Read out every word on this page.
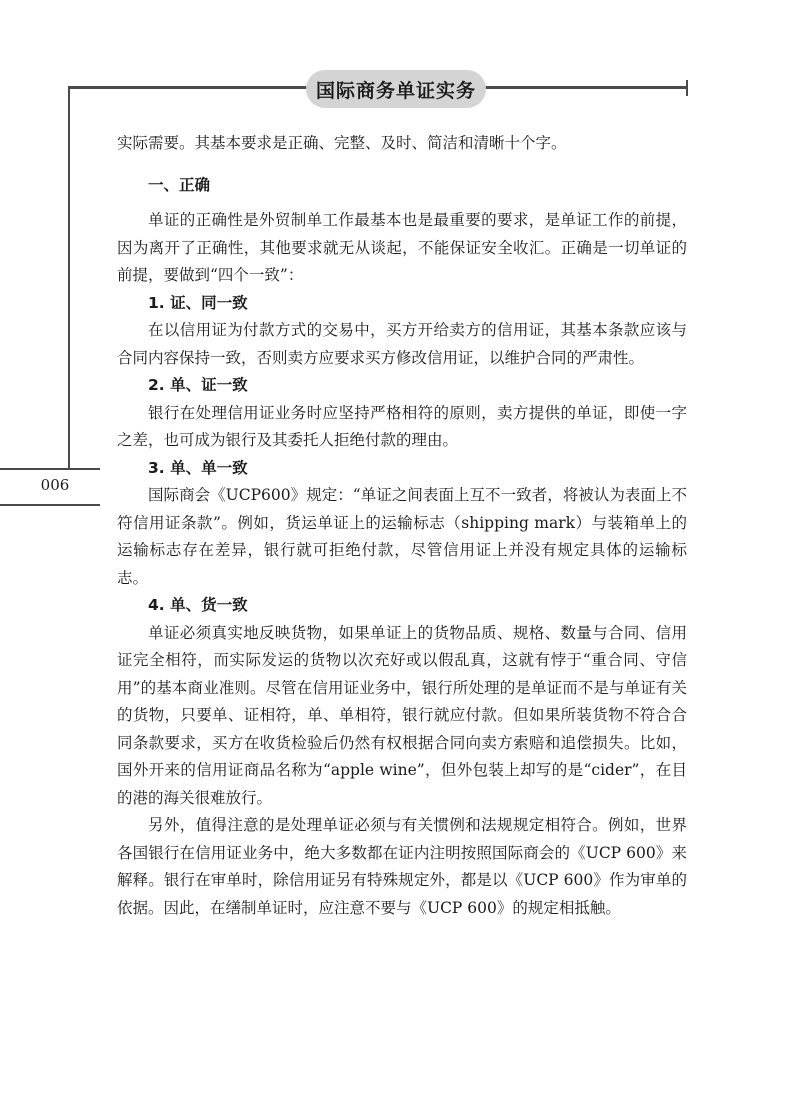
国际商务单证实务
006

实际需要。其基本要求是正确、完整、及时、简洁和清晰十个字。

一、正确

单证的正确性是外贸制单工作最基本也是最重要的要求，是单证工作的前提，因为离开了正确性，其他要求就无从谈起，不能保证安全收汇。正确是一切单证的前提，要做到“四个一致”：

1. 证、同一致

在以信用证为付款方式的交易中，买方开给卖方的信用证，其基本条款应该与合同内容保持一致，否则卖方应要求买方修改信用证，以维护合同的严肃性。

2. 单、证一致

银行在处理信用证业务时应坚持严格相符的原则，卖方提供的单证，即使一字之差，也可成为银行及其委托人拒绝付款的理由。

3. 单、单一致

国际商会《UCP600》规定：“单证之间表面上互不一致者，将被认为表面上不符信用证条款”。例如，货运单证上的运输标志（shipping mark）与装箱单上的运输标志存在差异，银行就可拒绝付款，尽管信用证上并没有规定具体的运输标志。

4. 单、货一致

单证必须真实地反映货物，如果单证上的货物品质、规格、数量与合同、信用证完全相符，而实际发运的货物以次充好或以假乱真，这就有悖于“重合同、守信用”的基本商业准则。尽管在信用证业务中，银行所处理的是单证而不是与单证有关的货物，只要单、证相符，单、单相符，银行就应付款。但如果所装货物不符合合同条款要求，买方在收货检验后仍然有权根据合同向卖方索赔和追偿损失。比如，国外开来的信用证商品名称为“apple wine”，但外包装上却写的是“cider”，在目的港的海关很难放行。

另外，值得注意的是处理单证必须与有关惯例和法规规定相符合。例如，世界各国银行在信用证业务中，绝大多数都在证内注明按照国际商会的《UCP 600》来解释。银行在审单时，除信用证另有特殊规定外，都是以《UCP 600》作为审单的依据。因此，在缮制单证时，应注意不要与《UCP 600》的规定相抵触。
